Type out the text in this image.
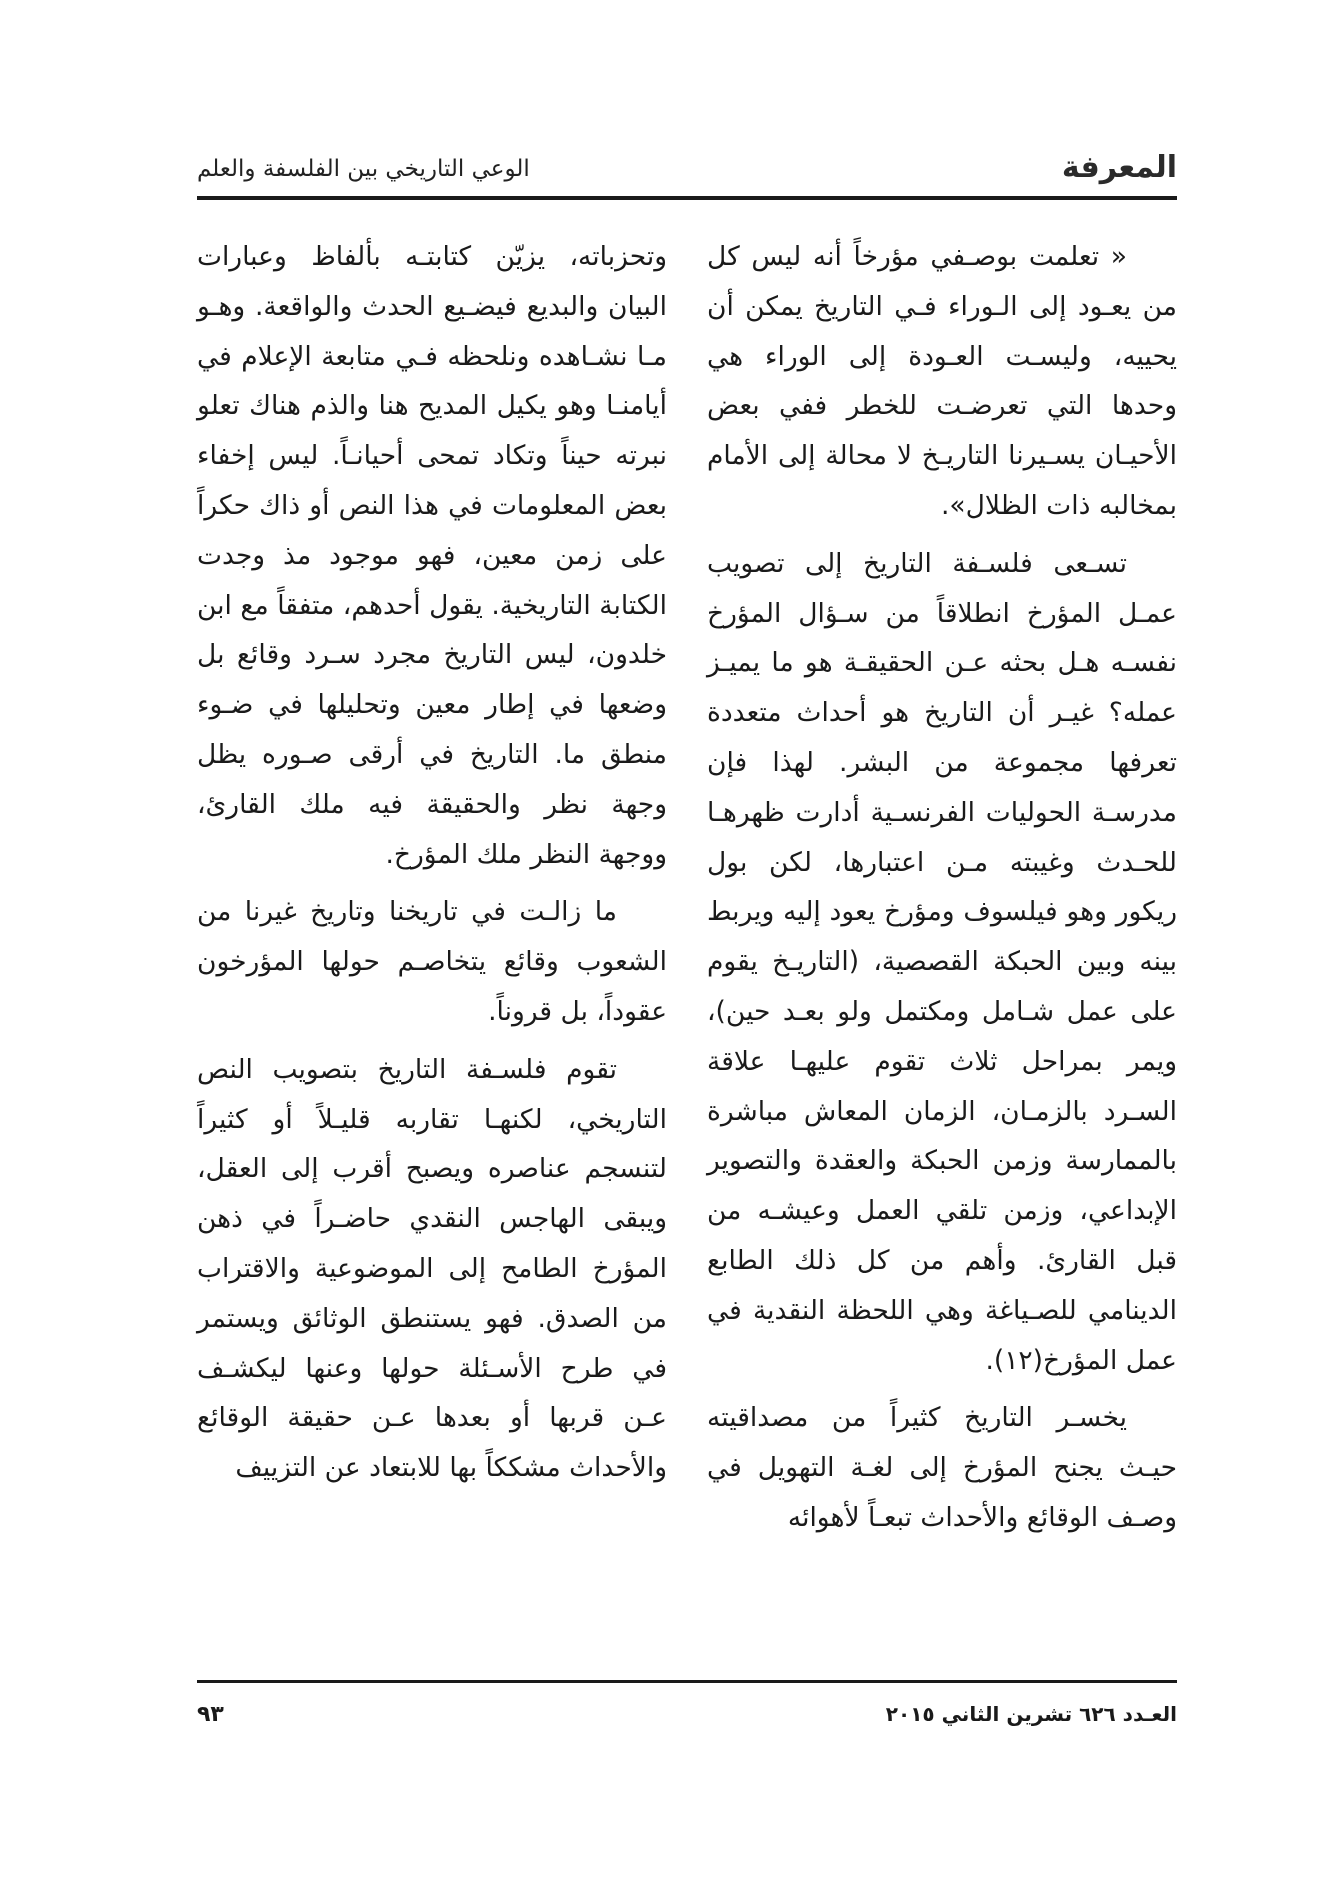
المعرفة
الوعي التاريخي بين الفلسفة والعلم

« تعلمت بوصـفي مؤرخاً أنه ليس كل من يعـود إلى الـوراء فـي التاريخ يمكن أن يحييه، وليسـت العـودة إلى الوراء هي وحدها التي تعرضـت للخطر ففي بعض الأحيـان يسـيرنا التاريـخ لا محالة إلى الأمام بمخالبه ذات الظلال».

تسـعى فلسـفة التاريخ إلى تصويب عمـل المؤرخ انطلاقاً من سـؤال المؤرخ نفسـه هـل بحثه عـن الحقيقـة هو ما يميـز عمله؟ غيـر أن التاريخ هو أحداث متعددة تعرفها مجموعة من البشر. لهذا فإن مدرسـة الحوليات الفرنسـية أدارت ظهرهـا للحـدث وغيبته مـن اعتبارها، لكن بول ريكور وهو فيلسوف ومؤرخ يعود إليه ويربط بينه وبين الحبكة القصصية، (التاريـخ يقوم على عمل شـامل ومكتمل ولو بعـد حين)، ويمر بمراحل ثلاث تقوم عليهـا علاقة السـرد بالزمـان، الزمان المعاش مباشرة بالممارسة وزمن الحبكة والعقدة والتصوير الإبداعي، وزمن تلقي العمل وعيشـه من قبل القارئ. وأهم من كل ذلك الطابع الدينامي للصـياغة وهي اللحظة النقدية في عمل المؤرخ(١٢).

يخسـر التاريخ كثيراً من مصداقيته حيـث يجنح المؤرخ إلى لغـة التهويل في وصـف الوقائع والأحداث تبعـاً لأهوائه

وتحزباته، يزيّن كتابتـه بألفاظ وعبارات البيان والبديع فيضـيع الحدث والواقعة. وهـو مـا نشـاهده ونلحظه فـي متابعة الإعلام في أيامنـا وهو يكيل المديح هنا والذم هناك تعلو نبرته حيناً وتكاد تمحى أحيانـاً. ليس إخفاء بعض المعلومات في هذا النص أو ذاك حكراً على زمن معين، فهو موجود مذ وجدت الكتابة التاريخية. يقول أحدهم، متفقاً مع ابن خلدون، ليس التاريخ مجرد سـرد وقائع بل وضعها في إطار معين وتحليلها في ضـوء منطق ما. التاريخ في أرقى صـوره يظل وجهة نظر والحقيقة فيه ملك القارئ، ووجهة النظر ملك المؤرخ.

ما زالـت في تاريخنا وتاريخ غيرنا من الشعوب وقائع يتخاصـم حولها المؤرخون عقوداً، بل قروناً.

تقوم فلسـفة التاريخ بتصويب النص التاريخي، لكنهـا تقاربه قليـلاً أو كثيراً لتنسجم عناصره ويصبح أقرب إلى العقل، ويبقى الهاجس النقدي حاضـراً في ذهن المؤرخ الطامح إلى الموضوعية والاقتراب من الصدق. فهو يستنطق الوثائق ويستمر في طرح الأسـئلة حولها وعنها ليكشـف عـن قربها أو بعدها عـن حقيقة الوقائع والأحداث مشككاً بها للابتعاد عن التزييف

العـدد ٦٢٦ تشرين الثاني ٢٠١٥
٩٣
